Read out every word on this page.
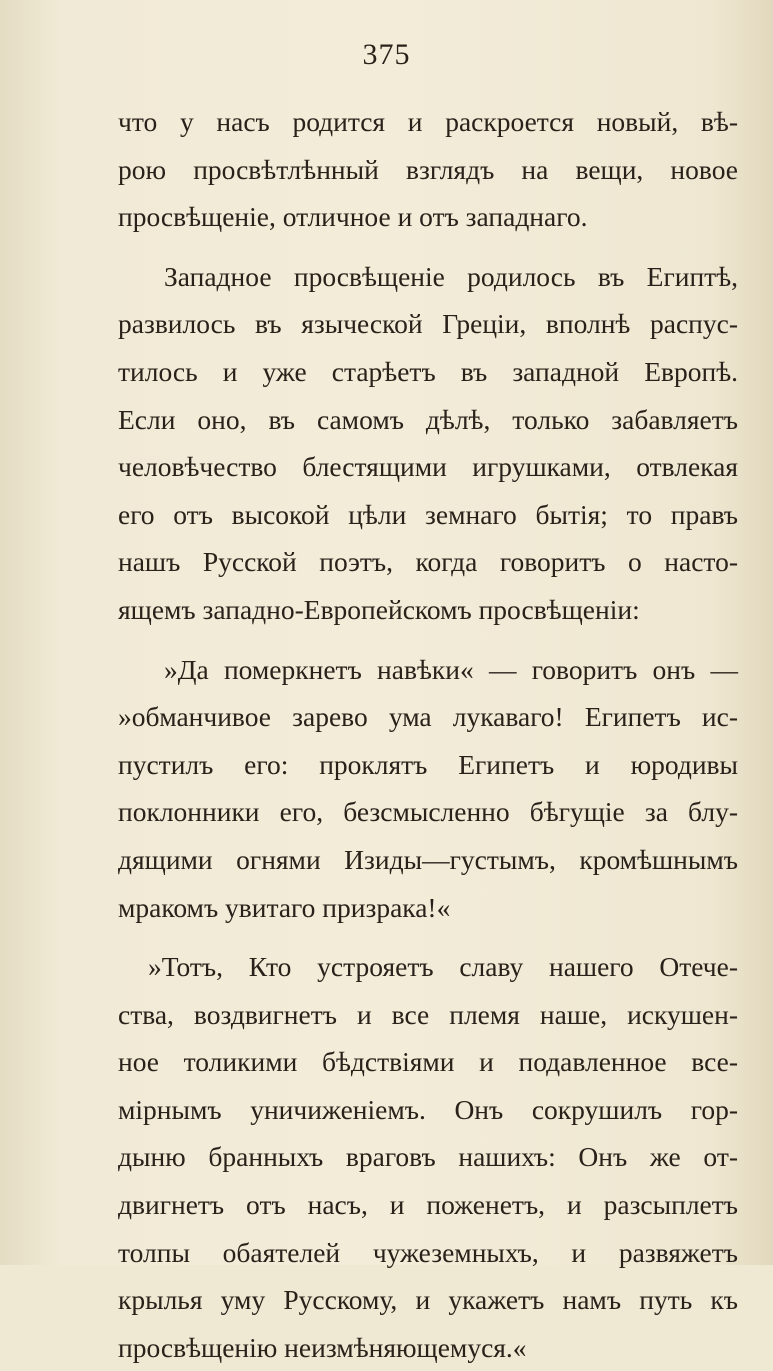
375
что у насъ родится и раскроется новый, вѣ-
рою просвѣтлѣнный взглядъ на вещи, новое
просвѣщеніе, отличное и отъ западнаго.
Западное просвѣщеніе родилось въ Египтѣ,
развилось въ языческой Греціи, вполнѣ распус-
тилось и уже старѣетъ въ западной Европѣ.
Если оно, въ самомъ дѣлѣ, только забавляетъ
человѣчество блестящими игрушками, отвлекая
его отъ высокой цѣли земнаго бытія; то правъ
нашъ Русской поэтъ, когда говоритъ о насто-
ящемъ западно-Европейскомъ просвѣщеніи:
»Да померкнетъ навѣки« — говоритъ онъ —
»обманчивое зарево ума лукаваго! Египетъ ис-
пустилъ его: проклятъ Египетъ и юродивы
поклонники его, безсмысленно бѣгущіе за блу-
дящими огнями Изиды—густымъ, кромѣшнымъ
мракомъ увитаго призрака!«
»Тотъ, Кто устрояетъ славу нашего Отече-
ства, воздвигнетъ и все племя наше, искушен-
ное толикими бѣдствіями и подавленное все-
мірнымъ уничиженіемъ. Онъ сокрушилъ гор-
дыню бранныхъ враговъ нашихъ: Онъ же от-
двигнетъ отъ насъ, и поженетъ, и разсыплетъ
толпы обаятелей чужеземныхъ, и развяжетъ
крылья уму Русскому, и укажетъ намъ путь къ
просвѣщенію неизмѣняющемуся.«
